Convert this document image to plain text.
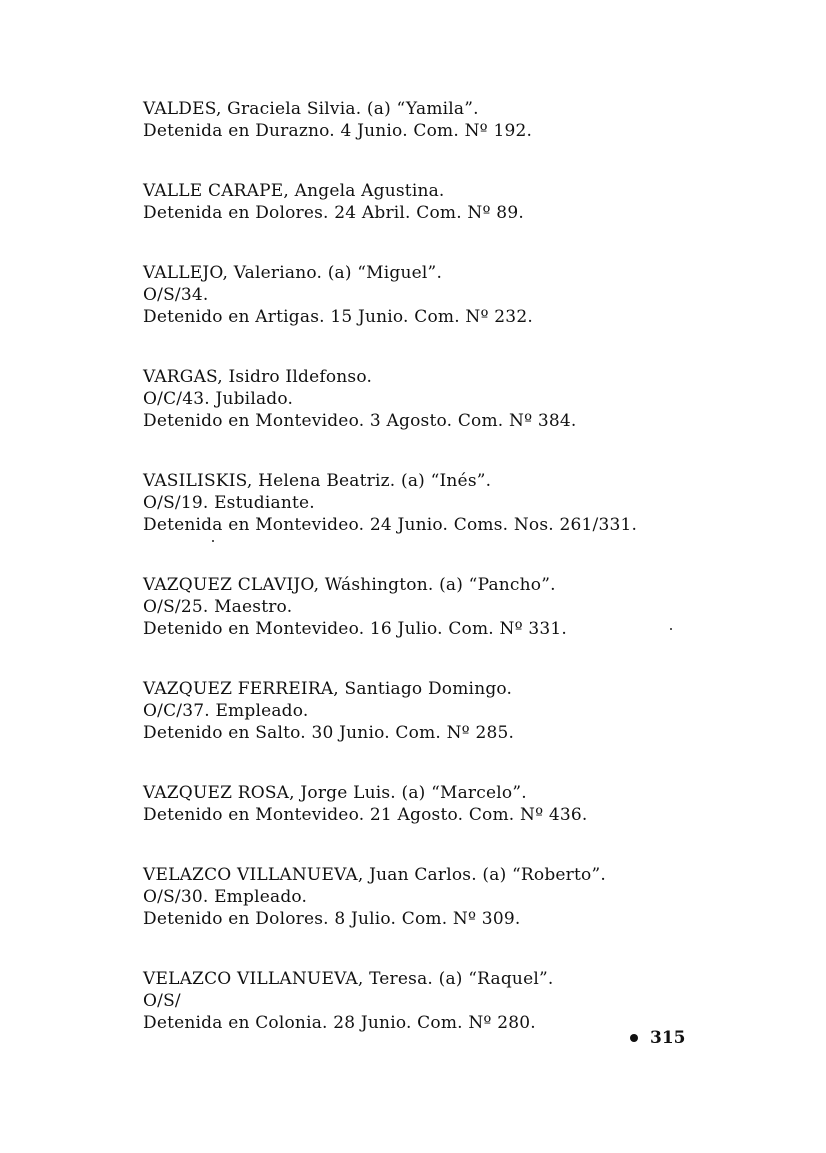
VALDES, Graciela Silvia. (a) “Yamila”.
Detenida en Durazno. 4 Junio. Com. Nº 192.
VALLE CARAPE, Angela Agustina.
Detenida en Dolores. 24 Abril. Com. Nº 89.
VALLEJO, Valeriano. (a) “Miguel”.
O/S/34.
Detenido en Artigas. 15 Junio. Com. Nº 232.
VARGAS, Isidro Ildefonso.
O/C/43. Jubilado.
Detenido en Montevideo. 3 Agosto. Com. Nº 384.
VASILISKIS, Helena Beatriz. (a) “Inés”.
O/S/19. Estudiante.
Detenida en Montevideo. 24 Junio. Coms. Nos. 261/331.
VAZQUEZ CLAVIJO, Wáshington. (a) “Pancho”.
O/S/25. Maestro.
Detenido en Montevideo. 16 Julio. Com. Nº 331.
VAZQUEZ FERREIRA, Santiago Domingo.
O/C/37. Empleado.
Detenido en Salto. 30 Junio. Com. Nº 285.
VAZQUEZ ROSA, Jorge Luis. (a) “Marcelo”.
Detenido en Montevideo. 21 Agosto. Com. Nº 436.
VELAZCO VILLANUEVA, Juan Carlos. (a) “Roberto”.
O/S/30. Empleado.
Detenido en Dolores. 8 Julio. Com. Nº 309.
VELAZCO VILLANUEVA, Teresa. (a) “Raquel”.
O/S/
Detenida en Colonia. 28 Junio. Com. Nº 280.
315
